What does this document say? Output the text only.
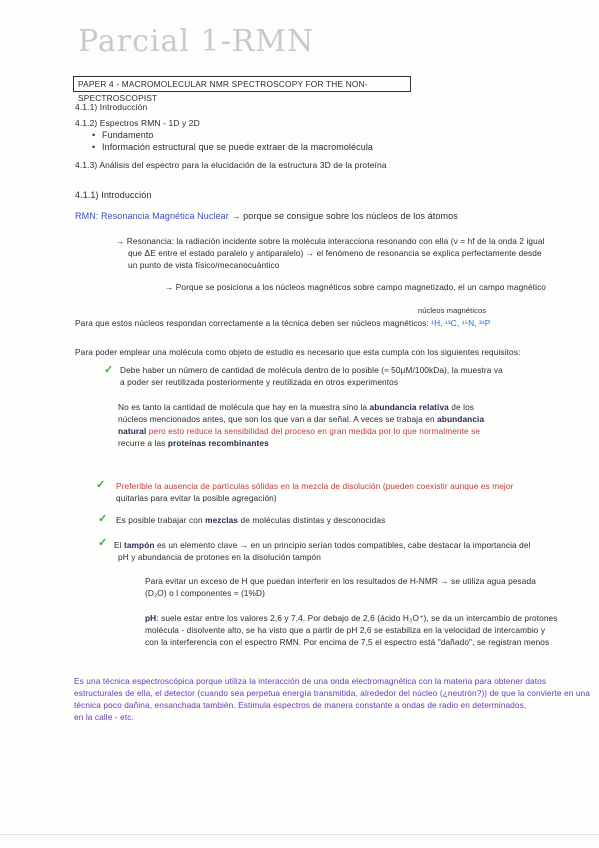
Parcial 1-RMN
PAPER 4 - MACROMOLECULAR NMR SPECTROSCOPY FOR THE NON-SPECTROSCOPIST
4.1.1) Introducción
4.1.2) Espectros RMN - 1D y 2D
• Fundamento
• Información estructural que se puede extraer de la macromolécula
4.1.3) Análisis del espectro para la elucidación de la estructura 3D de la proteína
4.1.1) Introducción
RMN: Resonancia Magnética Nuclear → porque se consigue sobre los núcleos de los átomos
→ Resonancia: la radiación incidente sobre la molécula interacciona resonando con ella (ν = hf de la onda 2 igual
que ΔE entre el estado paralelo y antiparalelo) → el fenómeno de resonancia se explica perfectamente desde
un punto de vista físico/mecanocuántico
→ Porque se posiciona a los núcleos magnéticos sobre campo magnetizado, el un campo magnético
núcleos magnéticos
Para que estos núcleos respondan correctamente a la técnica deben ser núcleos magnéticos: ¹H, ¹³C, ¹⁵N, ³¹P
Para poder emplear una molécula como objeto de estudio es necesario que esta cumpla con los siguientes requisitos:
✓ Debe haber un número de cantidad de molécula dentro de lo posible (≈ 50μM/100kDa), la muestra va
a poder ser reutilizada posteriormente y reutilizada en otros experimentos
No es tanto la cantidad de molécula que hay en la muestra sino la abundancia relativa de los
núcleos mencionados antes, que son los que van a dar señal. A veces se trabaja en abundancia
natural pero esto reduce la sensibilidad del proceso en gran medida por lo que normalmente se
recurre a las proteínas recombinantes
✓ Preferible la ausencia de partículas sólidas en la mezcla de disolución (pueden coexistir aunque es mejor
quitarlas para evitar la posible agregación)
✓ Es posible trabajar con mezclas de moléculas distintas y desconocidas
✓ El tampón es un elemento clave → en un principio serían todos compatibles, cabe destacar la importancia del
pH y abundancia de protones en la disolución tampón
Para evitar un exceso de H que puedan interferir en los resultados de H-NMR → se utiliza agua pesada
(D₂O) o l componentes ≈ (1%D)
pH: suele estar entre los valores 2,6 y 7,4. Por debajo de 2,6 (ácido H₃O⁺), se da un intercambio de protones
molécula - disolvente alto, se ha visto que a partir de pH 2,6 se estabiliza en la velocidad de intercambio y
con la interferencia con el espectro RMN. Por encima de 7,5 el espectro está "dañado", se registran menos
Es una técnica espectroscópica porque utiliza la interacción de una onda electromagnética con la materia para obtener datos
estructurales de ella, el detector (cuando sea perpetua energía transmitida, alrededor del núcleo (¿neutrón?)) de que la convierte en una
técnica poco dañina, ensanchada también. Estimula espectros de manera constante a ondas de radio en determinados,
en la calle - etc.
